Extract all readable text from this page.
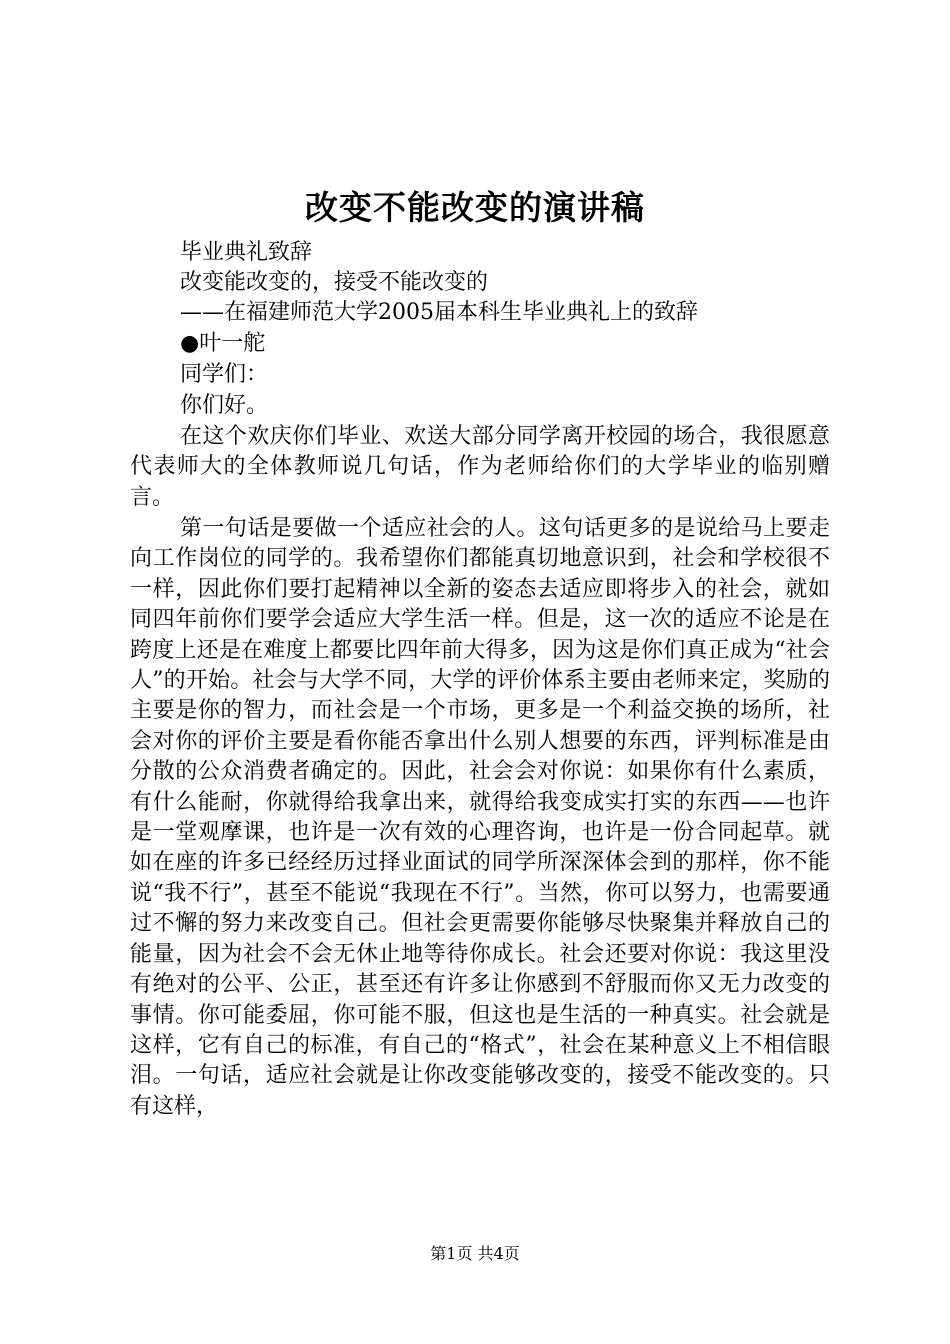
改变不能改变的演讲稿
毕业典礼致辞
改变能改变的，接受不能改变的
——在福建师范大学2005届本科生毕业典礼上的致辞
●叶一舵
同学们：
你们好。

在这个欢庆你们毕业、欢送大部分同学离开校园的场合，我很愿意代表师大的全体教师说几句话，作为老师给你们的大学毕业的临别赠言。

第一句话是要做一个适应社会的人。这句话更多的是说给马上要走向工作岗位的同学的。我希望你们都能真切地意识到，社会和学校很不一样，因此你们要打起精神以全新的姿态去适应即将步入的社会，就如同四年前你们要学会适应大学生活一样。但是，这一次的适应不论是在跨度上还是在难度上都要比四年前大得多，因为这是你们真正成为“社会人”的开始。社会与大学不同，大学的评价体系主要由老师来定，奖励的主要是你的智力，而社会是一个市场，更多是一个利益交换的场所，社会对你的评价主要是看你能否拿出什么别人想要的东西，评判标准是由分散的公众消费者确定的。因此，社会会对你说：如果你有什么素质，有什么能耐，你就得给我拿出来，就得给我变成实打实的东西——也许是一堂观摩课，也许是一次有效的心理咨询，也许是一份合同起草。就如在座的许多已经经历过择业面试的同学所深深体会到的那样，你不能说“我不行”，甚至不能说“我现在不行”。当然，你可以努力，也需要通过不懈的努力来改变自己。但社会更需要你能够尽快聚集并释放自己的能量，因为社会不会无休止地等待你成长。社会还要对你说：我这里没有绝对的公平、公正，甚至还有许多让你感到不舒服而你又无力改变的事情。你可能委屈，你可能不服，但这也是生活的一种真实。社会就是这样，它有自己的标准，有自己的“格式”，社会在某种意义上不相信眼泪。一句话，适应社会就是让你改变能够改变的，接受不能改变的。只有这样，

第1页 共4页
